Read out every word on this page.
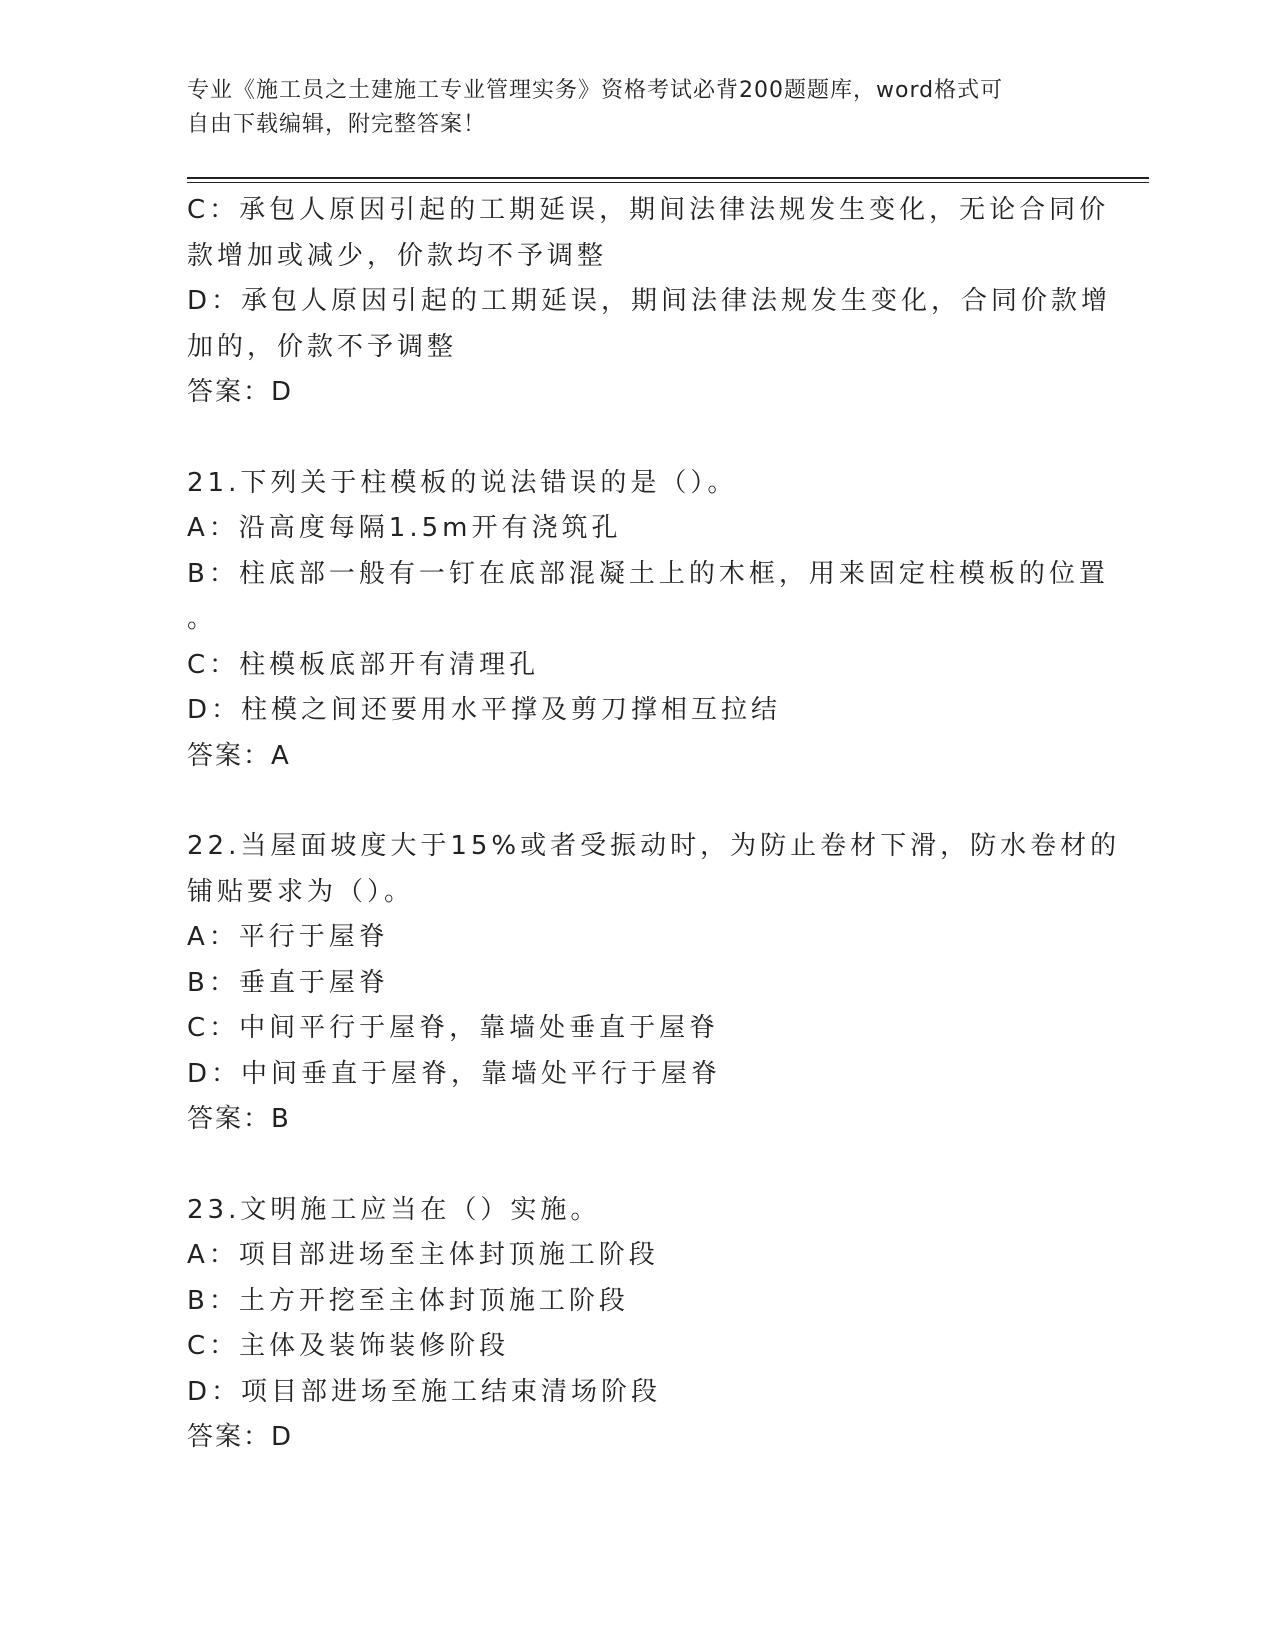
专业《施工员之土建施工专业管理实务》资格考试必背200题题库，word格式可
自由下载编辑，附完整答案！
C：承包人原因引起的工期延误，期间法律法规发生变化，无论合同价
款增加或减少，价款均不予调整
D：承包人原因引起的工期延误，期间法律法规发生变化，合同价款增
加的，价款不予调整
答案：D
21.下列关于柱模板的说法错误的是（）。
A：沿高度每隔1.5m开有浇筑孔
B：柱底部一般有一钉在底部混凝土上的木框，用来固定柱模板的位置
。
C：柱模板底部开有清理孔
D：柱模之间还要用水平撑及剪刀撑相互拉结
答案：A
22.当屋面坡度大于15%或者受振动时，为防止卷材下滑，防水卷材的
铺贴要求为（）。
A：平行于屋脊
B：垂直于屋脊
C：中间平行于屋脊，靠墙处垂直于屋脊
D：中间垂直于屋脊，靠墙处平行于屋脊
答案：B
23.文明施工应当在（）实施。
A：项目部进场至主体封顶施工阶段
B：土方开挖至主体封顶施工阶段
C：主体及装饰装修阶段
D：项目部进场至施工结束清场阶段
答案：D
